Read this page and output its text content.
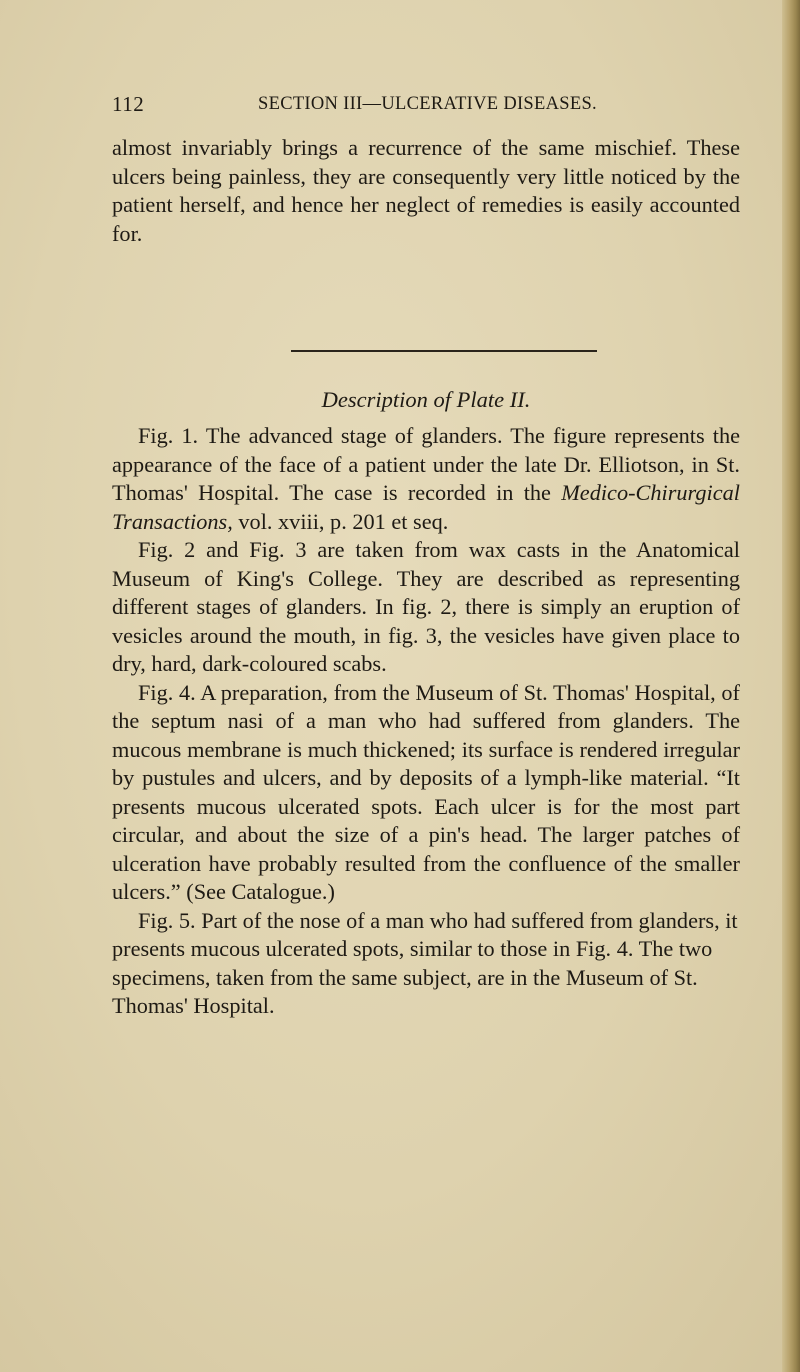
112	SECTION III—ULCERATIVE DISEASES.

almost invariably brings a recurrence of the same mischief. These ulcers being painless, they are consequently very little noticed by the patient herself, and hence her neglect of remedies is easily accounted for.

Description of Plate II.

Fig. 1. The advanced stage of glanders. The figure represents the appearance of the face of a patient under the late Dr. Elliotson, in St. Thomas' Hospital. The case is recorded in the Medico-Chirurgical Transactions, vol. xviii, p. 201 et seq.

Fig. 2 and Fig. 3 are taken from wax casts in the Anatomical Museum of King's College. They are described as representing different stages of glanders. In fig. 2, there is simply an eruption of vesicles around the mouth, in fig. 3, the vesicles have given place to dry, hard, dark-coloured scabs.

Fig. 4. A preparation, from the Museum of St. Thomas' Hospital, of the septum nasi of a man who had suffered from glanders. The mucous membrane is much thickened; its surface is rendered irregular by pustules and ulcers, and by deposits of a lymph-like material. “It presents mucous ulcerated spots. Each ulcer is for the most part circular, and about the size of a pin's head. The larger patches of ulceration have probably resulted from the confluence of the smaller ulcers.” (See Catalogue.)

Fig. 5. Part of the nose of a man who had suffered from glanders, it presents mucous ulcerated spots, similar to those in Fig. 4. The two specimens, taken from the same subject, are in the Museum of St. Thomas' Hospital.
